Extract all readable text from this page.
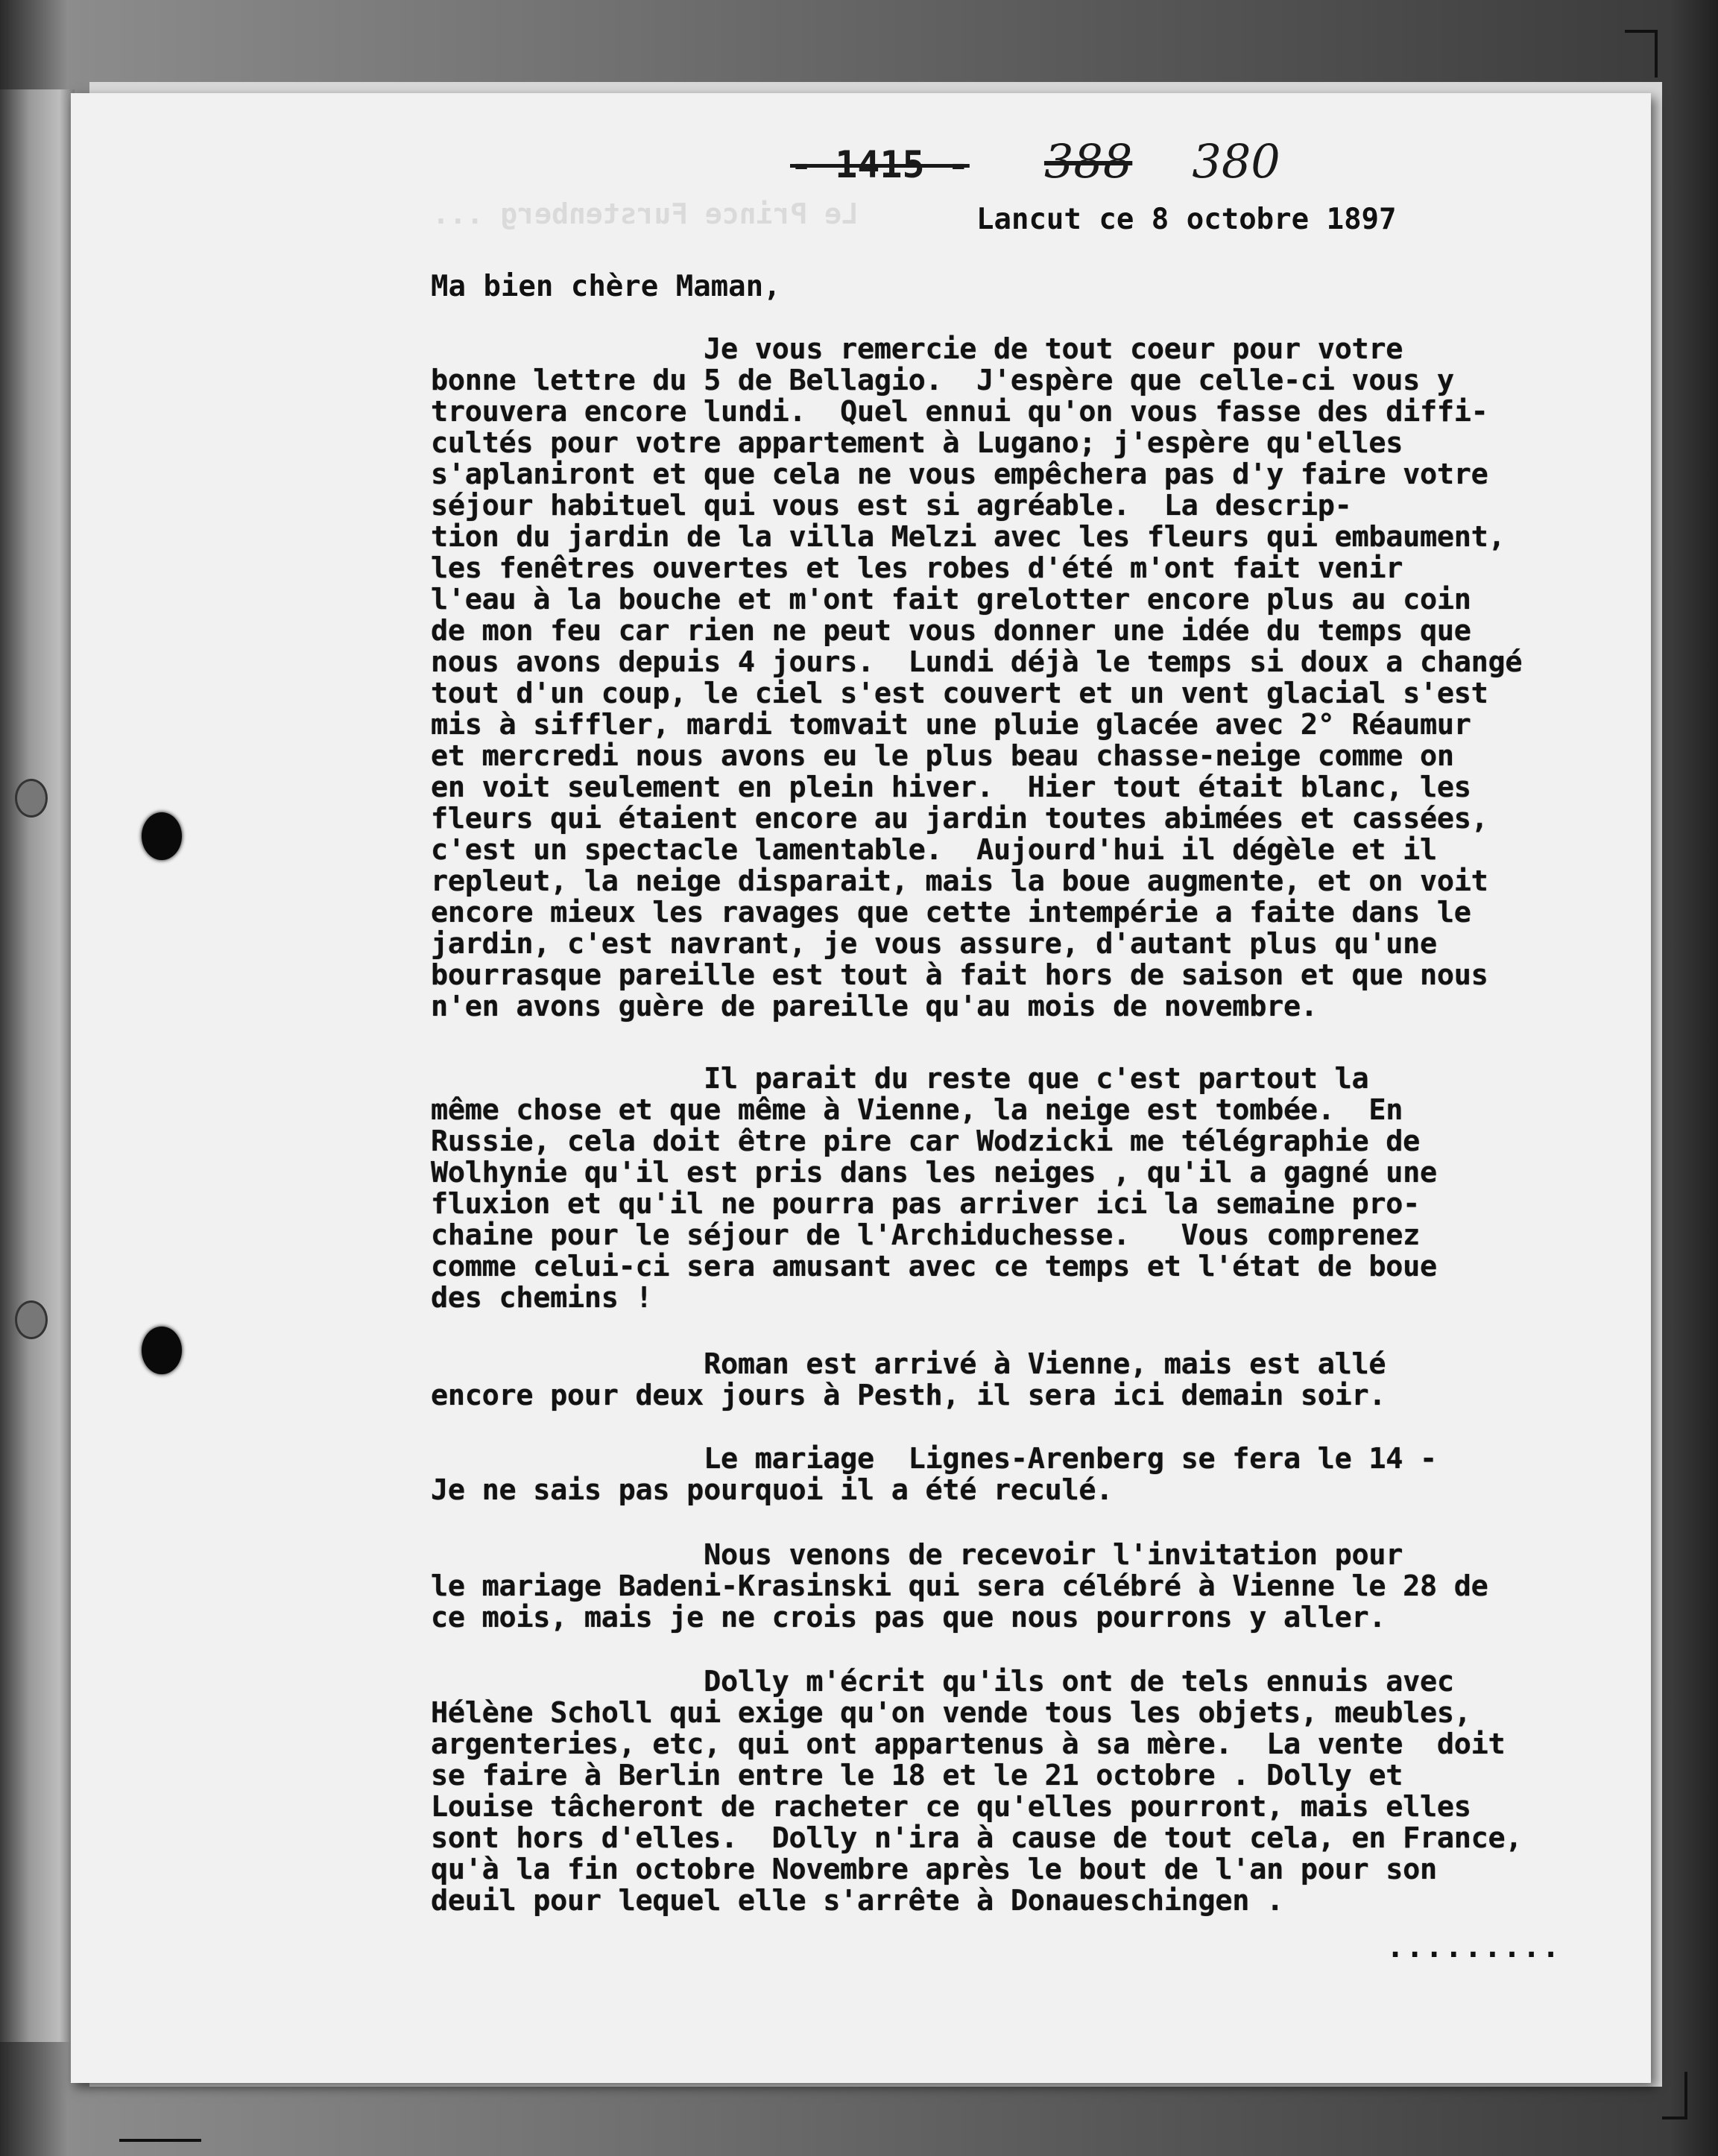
Le Prince Furstenberg ...
- 1415 - 388 380
Lancut ce 8 octobre 1897
Ma bien chère Maman,
Je vous remercie de tout coeur pour votre
bonne lettre du 5 de Bellagio.  J'espère que celle-ci vous y
trouvera encore lundi.  Quel ennui qu'on vous fasse des diffi-
cultés pour votre appartement à Lugano; j'espère qu'elles
s'aplaniront et que cela ne vous empêchera pas d'y faire votre
séjour habituel qui vous est si agréable.  La descrip-
tion du jardin de la villa Melzi avec les fleurs qui embaument,
les fenêtres ouvertes et les robes d'été m'ont fait venir
l'eau à la bouche et m'ont fait grelotter encore plus au coin
de mon feu car rien ne peut vous donner une idée du temps que
nous avons depuis 4 jours.  Lundi déjà le temps si doux a changé
tout d'un coup, le ciel s'est couvert et un vent glacial s'est
mis à siffler, mardi tomvait une pluie glacée avec 2° Réaumur
et mercredi nous avons eu le plus beau chasse-neige comme on
en voit seulement en plein hiver.  Hier tout était blanc, les
fleurs qui étaient encore au jardin toutes abimées et cassées,
c'est un spectacle lamentable.  Aujourd'hui il dégèle et il
repleut, la neige disparait, mais la boue augmente, et on voit
encore mieux les ravages que cette intempérie a faite dans le
jardin, c'est navrant, je vous assure, d'autant plus qu'une
bourrasque pareille est tout à fait hors de saison et que nous
n'en avons guère de pareille qu'au mois de novembre.
Il parait du reste que c'est partout la
même chose et que même à Vienne, la neige est tombée.  En
Russie, cela doit être pire car Wodzicki me télégraphie de
Wolhynie qu'il est pris dans les neiges , qu'il a gagné une
fluxion et qu'il ne pourra pas arriver ici la semaine pro-
chaine pour le séjour de l'Archiduchesse.   Vous comprenez
comme celui-ci sera amusant avec ce temps et l'état de boue
des chemins !
Roman est arrivé à Vienne, mais est allé
encore pour deux jours à Pesth, il sera ici demain soir.
Le mariage  Lignes-Arenberg se fera le 14 -
Je ne sais pas pourquoi il a été reculé.
Nous venons de recevoir l'invitation pour
le mariage Badeni-Krasinski qui sera célébré à Vienne le 28 de
ce mois, mais je ne crois pas que nous pourrons y aller.
Dolly m'écrit qu'ils ont de tels ennuis avec
Hélène Scholl qui exige qu'on vende tous les objets, meubles,
argenteries, etc, qui ont appartenus à sa mère.  La vente  doit
se faire à Berlin entre le 18 et le 21 octobre . Dolly et
Louise tâcheront de racheter ce qu'elles pourront, mais elles
sont hors d'elles.  Dolly n'ira à cause de tout cela, en France,
qu'à la fin octobre Novembre après le bout de l'an pour son
deuil pour lequel elle s'arrête à Donaueschingen .
.........
